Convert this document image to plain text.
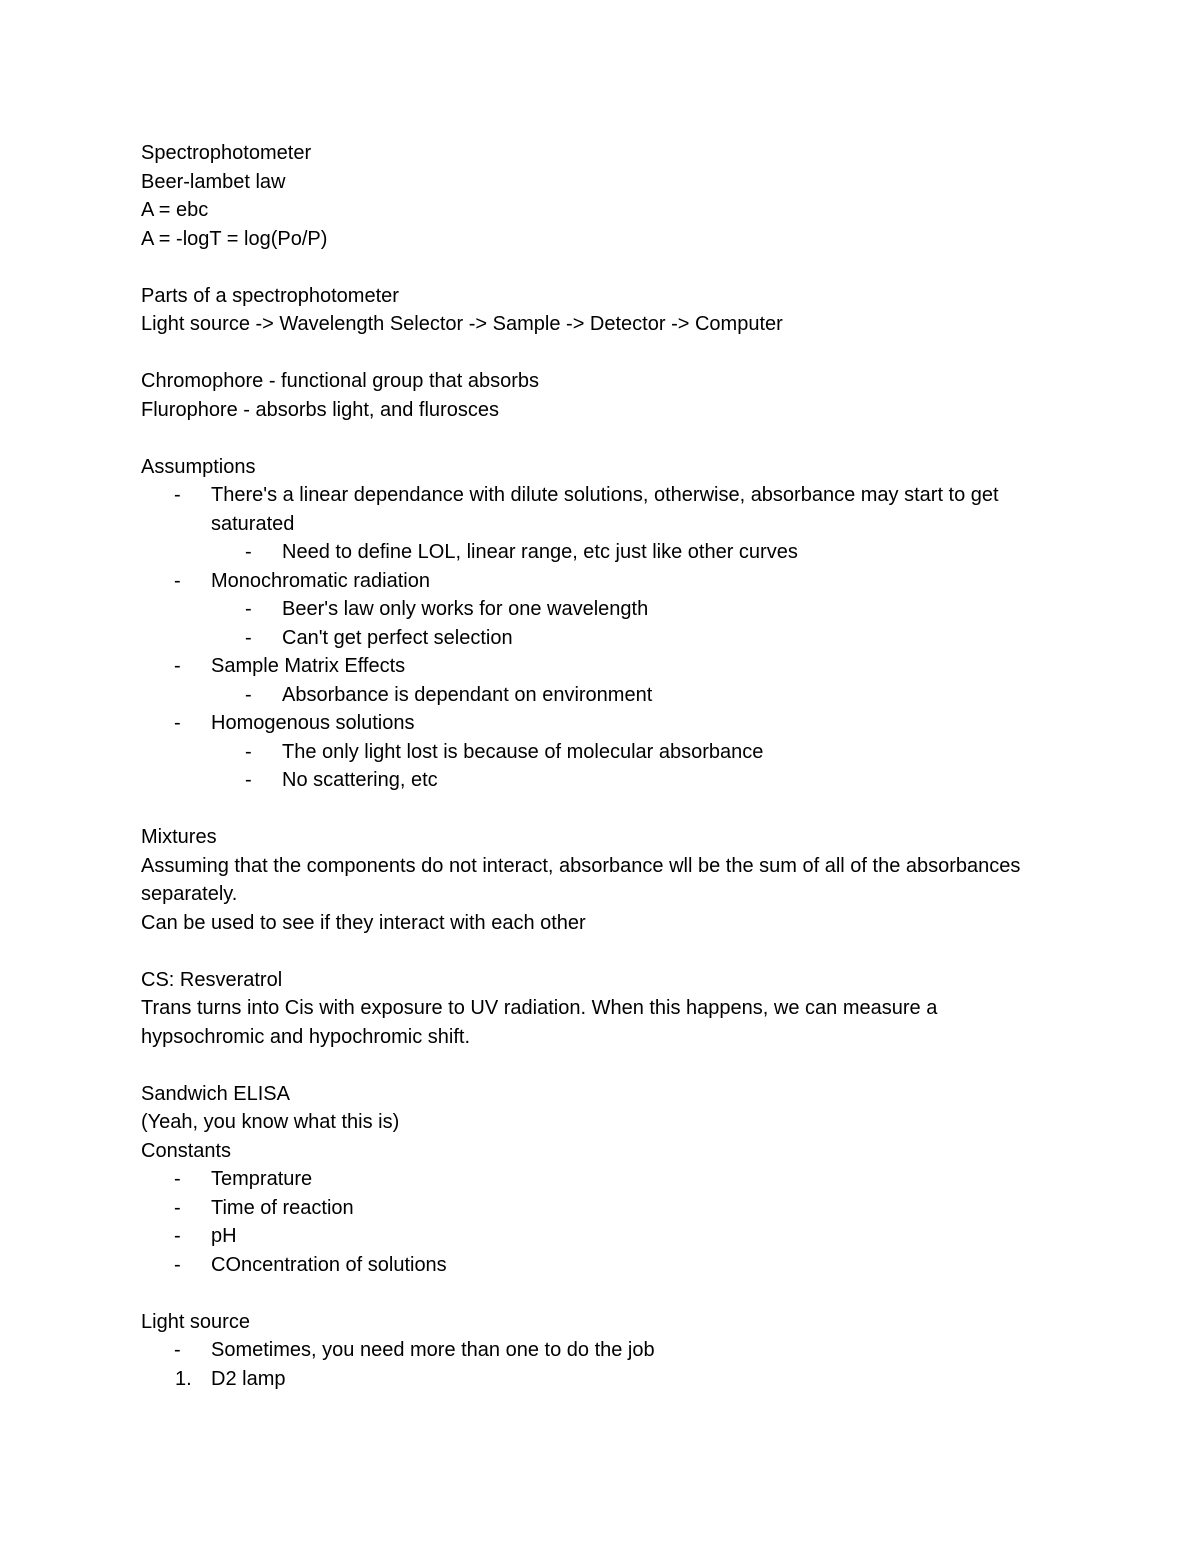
Spectrophotometer
Beer-lambet law
A = ebc
A = -logT = log(Po/P)
Parts of a spectrophotometer
Light source -> Wavelength Selector -> Sample -> Detector -> Computer
Chromophore - functional group that absorbs
Flurophore - absorbs light, and flurosces
Assumptions
- There's a linear dependance with dilute solutions, otherwise, absorbance may start to get saturated
- Need to define LOL, linear range, etc just like other curves
- Monochromatic radiation
- Beer's law only works for one wavelength
- Can't get perfect selection
- Sample Matrix Effects
- Absorbance is dependant on environment
- Homogenous solutions
- The only light lost is because of molecular absorbance
- No scattering, etc
Mixtures

Assuming that the components do not interact, absorbance wll be the sum of all of the absorbances separately.

Can be used to see if they interact with each other
CS: Resveratrol

Trans turns into Cis with exposure to UV radiation. When this happens, we can measure a hypsochromic and hypochromic shift.

Sandwich ELISA
(Yeah, you know what this is)
Constants
- Temprature
- Time of reaction
- pH
- COncentration of solutions
Light source
- Sometimes, you need more than one to do the job
1. D2 lamp
